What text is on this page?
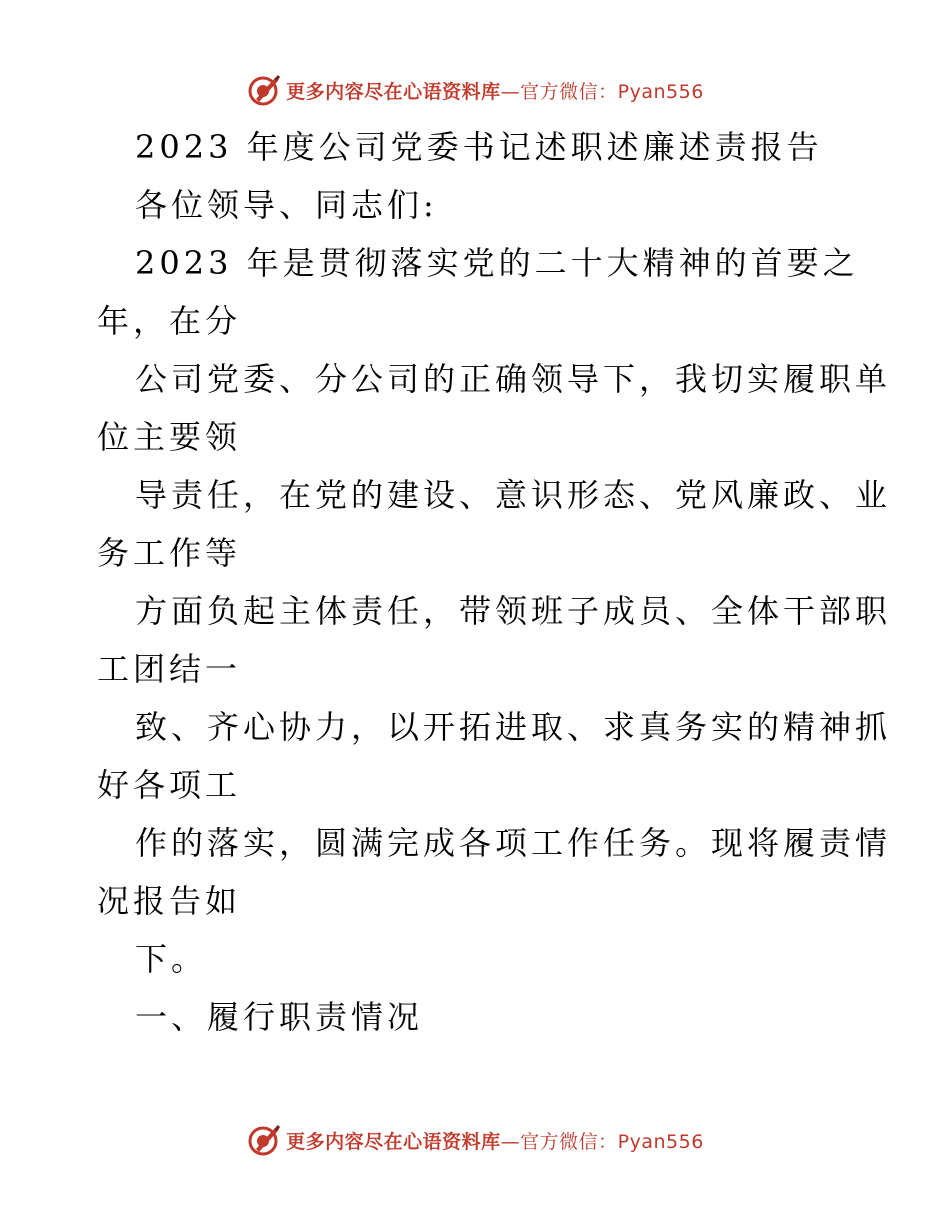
更多内容尽在心语资料库—官方微信：Pyan556
2023 年度公司党委书记述职述廉述责报告
各位领导、同志们:
2023 年是贯彻落实党的二十大精神的首要之
年，在分
公司党委、分公司的正确领导下，我切实履职单
位主要领
导责任，在党的建设、意识形态、党风廉政、业
务工作等
方面负起主体责任，带领班子成员、全体干部职
工团结一
致、齐心协力，以开拓进取、求真务实的精神抓
好各项工
作的落实，圆满完成各项工作任务。现将履责情
况报告如
下。
一、履行职责情况
更多内容尽在心语资料库—官方微信：Pyan556
